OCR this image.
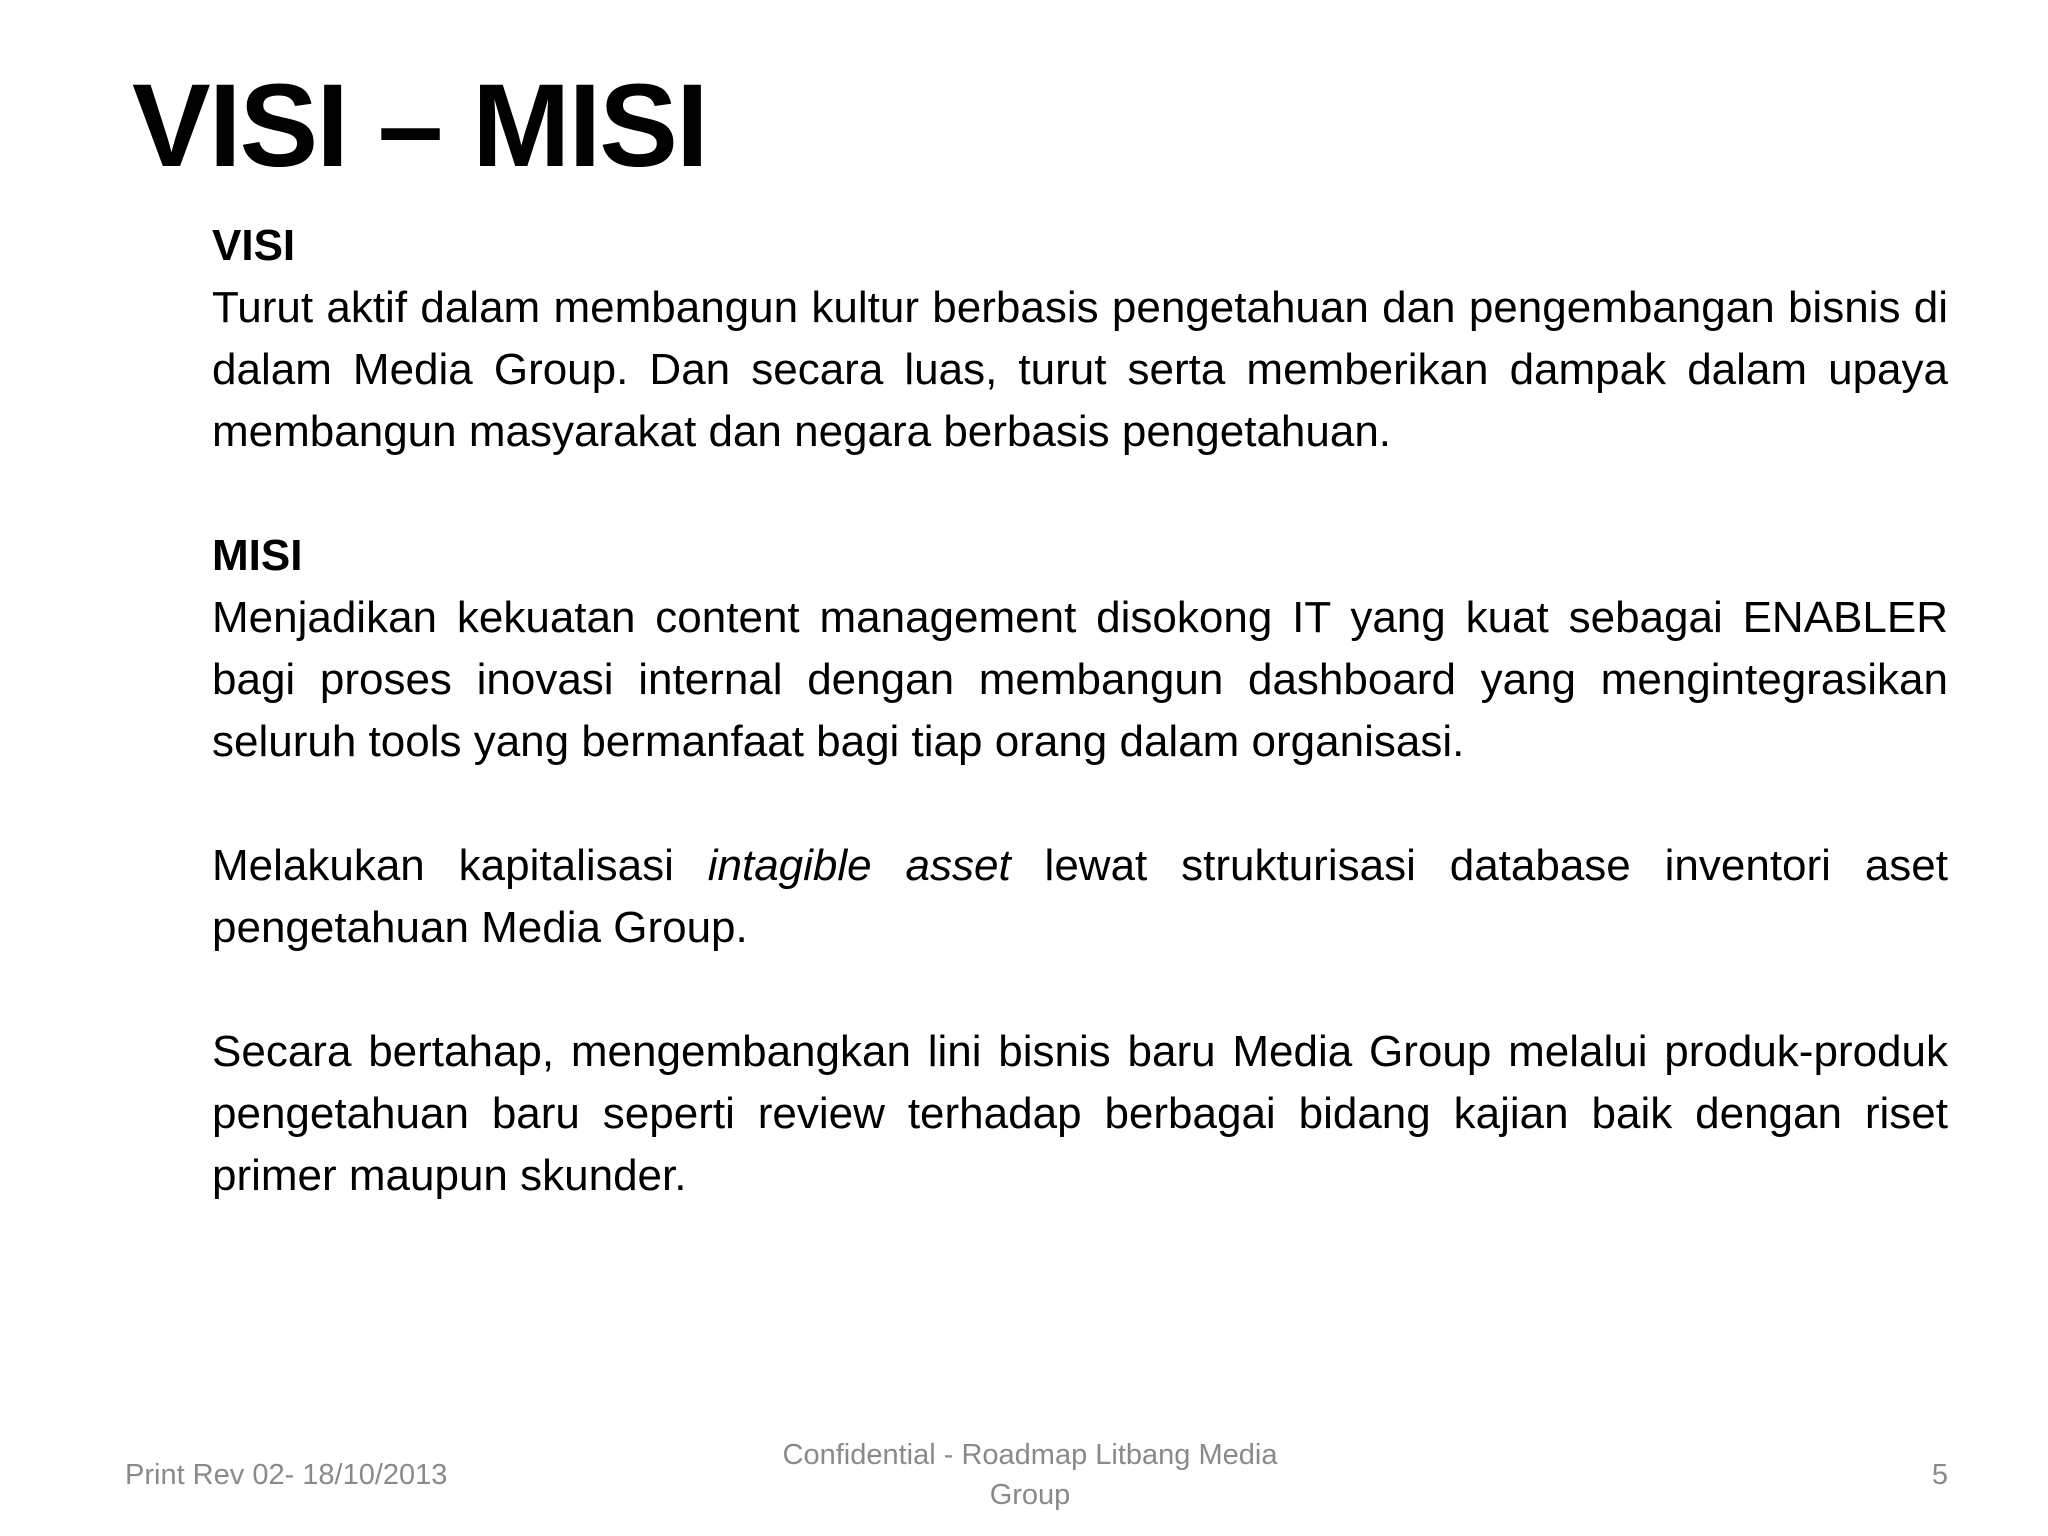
VISI – MISI

VISI

Turut aktif dalam membangun kultur berbasis pengetahuan dan pengembangan bisnis di dalam Media Group. Dan secara luas, turut serta memberikan dampak dalam upaya membangun masyarakat dan negara berbasis pengetahuan.

MISI

Menjadikan kekuatan content management disokong IT yang kuat sebagai ENABLER bagi proses inovasi internal dengan membangun dashboard yang mengintegrasikan seluruh tools yang bermanfaat bagi tiap orang dalam organisasi.

Melakukan kapitalisasi intagible asset lewat strukturisasi database inventori aset pengetahuan Media Group.

Secara bertahap, mengembangkan lini bisnis baru Media Group melalui produk-produk pengetahuan baru seperti review terhadap berbagai bidang kajian baik dengan riset primer maupun skunder.

Print Rev 02- 18/10/2013
Confidential - Roadmap Litbang Media Group
5
